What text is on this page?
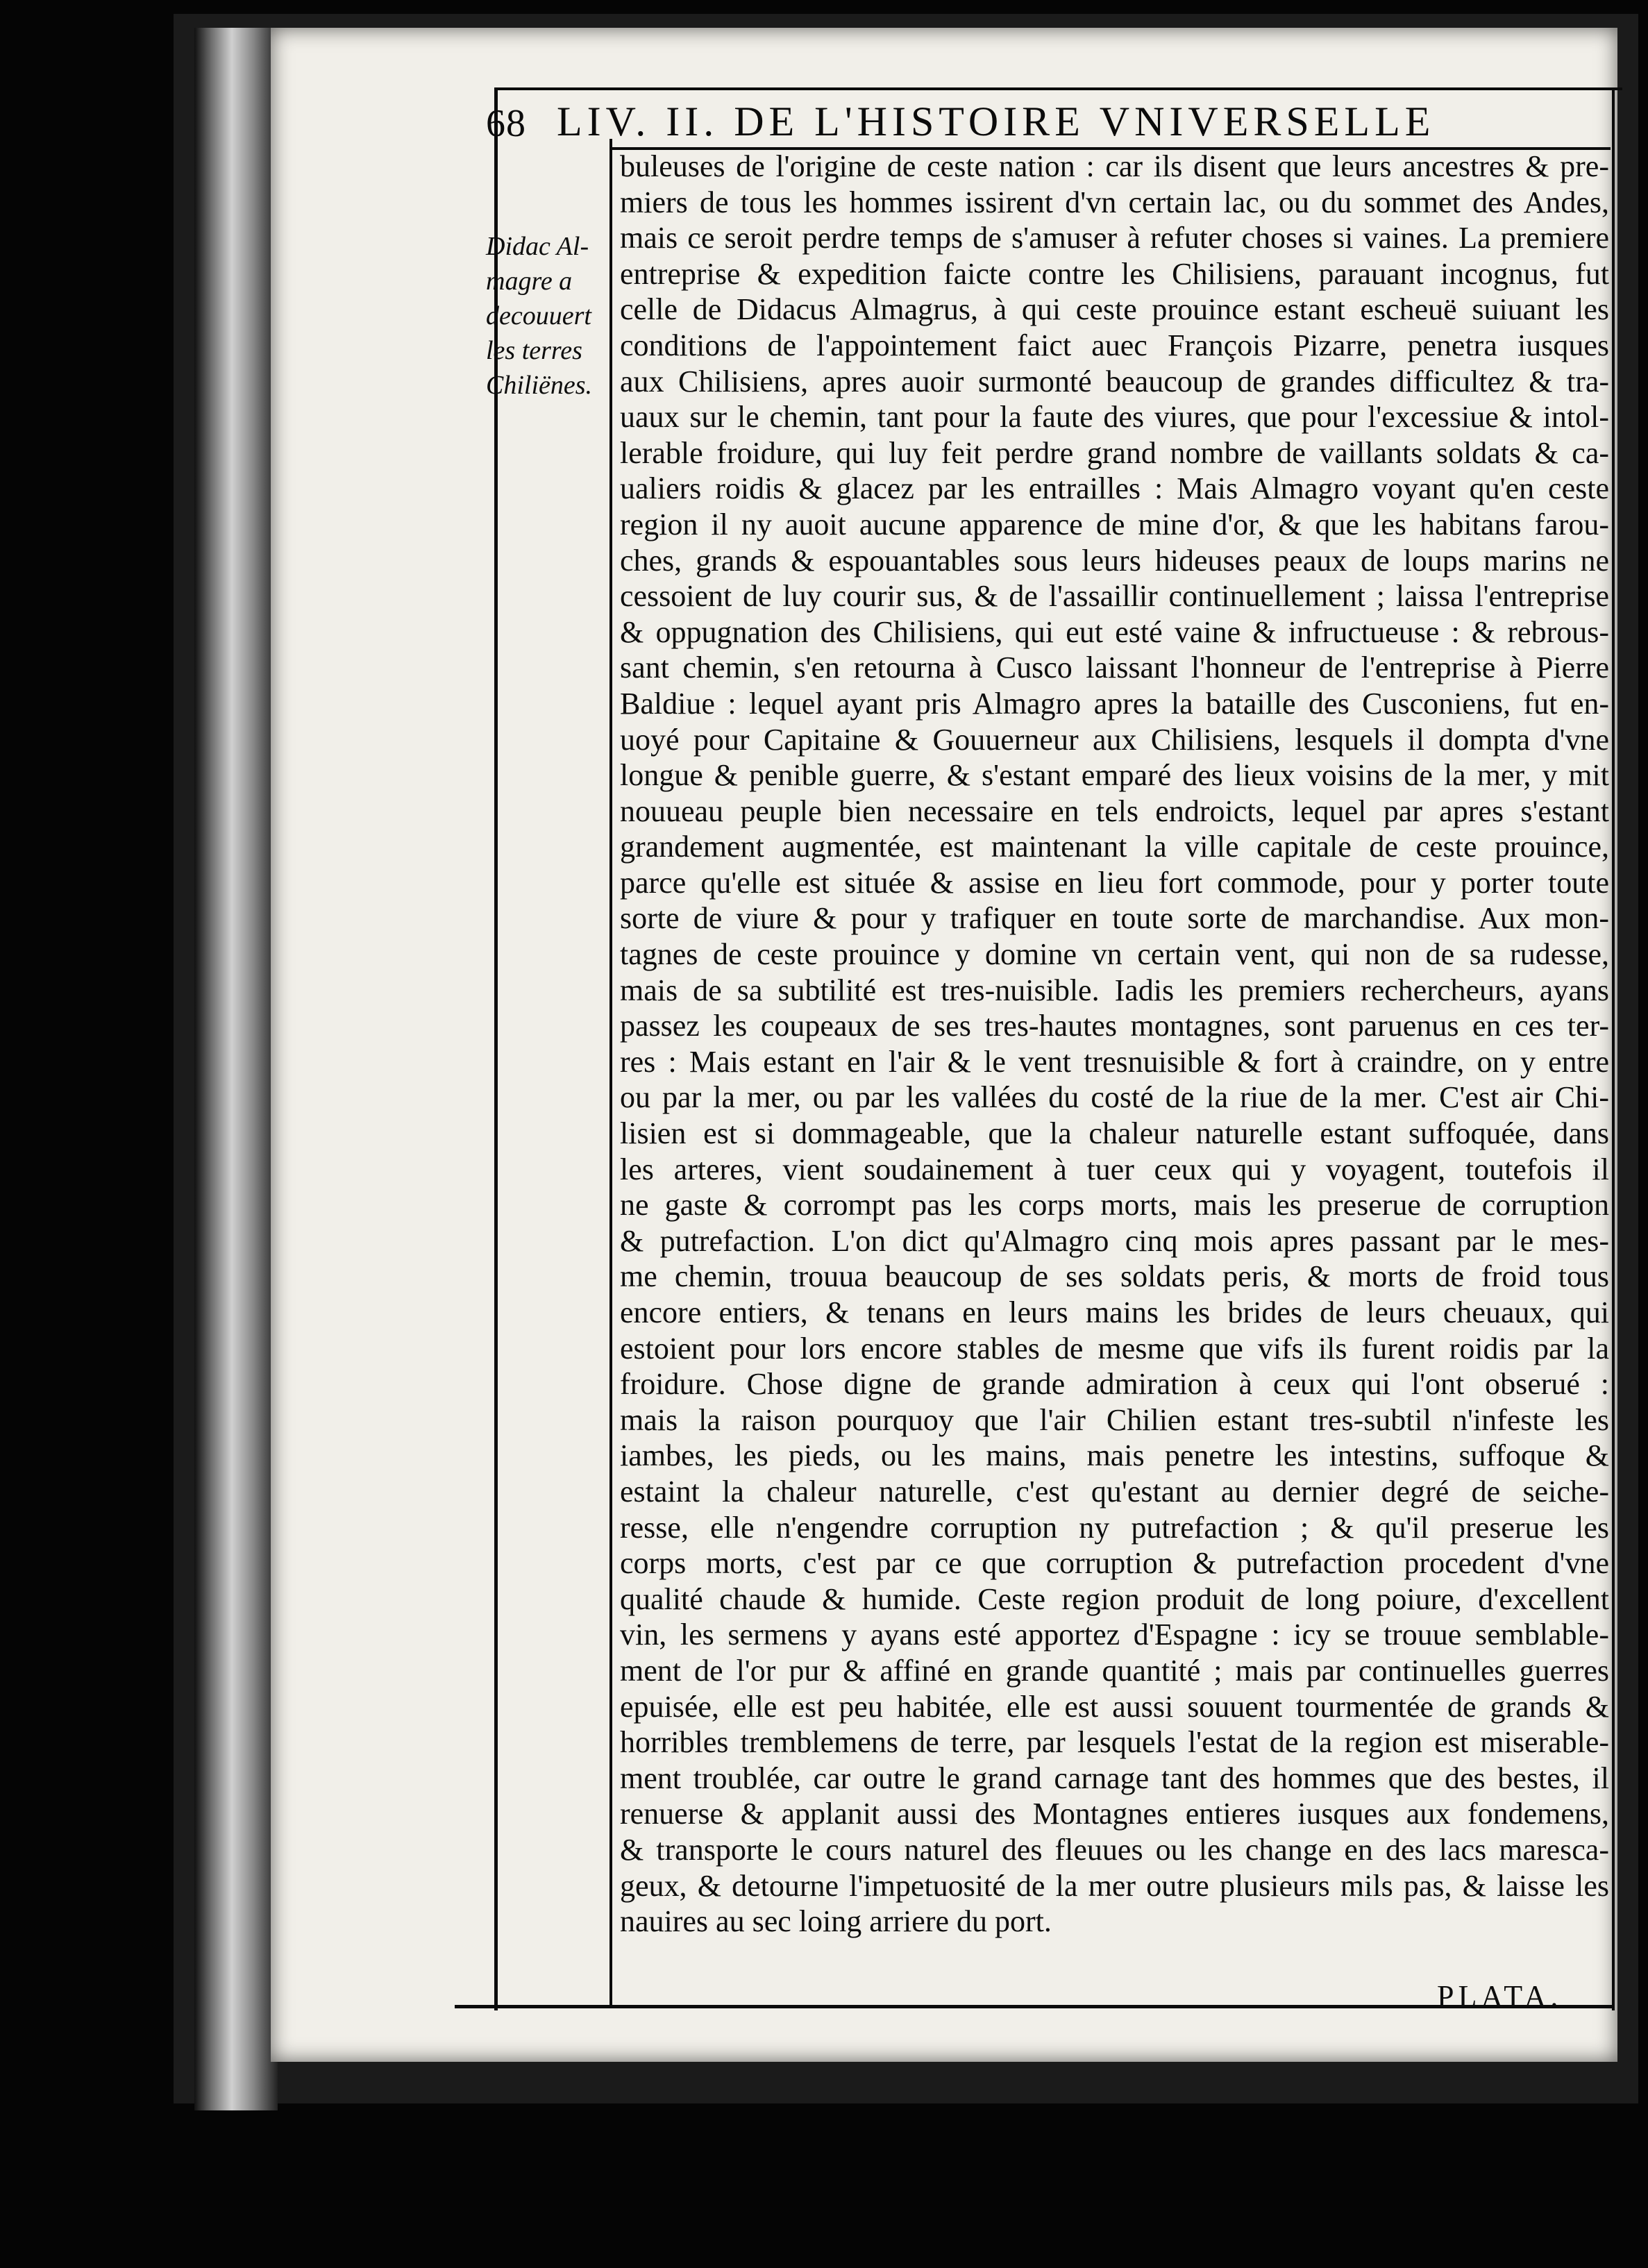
68 LIV. II. DE L'HISTOIRE VNIVERSELLE
Didac Al-
magre a
decouuert
les terres
Chiliënes.
buleuses de l'origine de ceste nation : car ils disent que leurs ancestres & pre-
miers de tous les hommes issirent d'vn certain lac, ou du sommet des Andes,
mais ce seroit perdre temps de s'amuser à refuter choses si vaines. La premiere
entreprise & expedition faicte contre les Chilisiens, parauant incognus, fut
celle de Didacus Almagrus, à qui ceste prouince estant escheuë suiuant les
conditions de l'appointement faict auec François Pizarre, penetra iusques
aux Chilisiens, apres auoir surmonté beaucoup de grandes difficultez & tra-
uaux sur le chemin, tant pour la faute des viures, que pour l'excessiue & intol-
lerable froidure, qui luy feit perdre grand nombre de vaillants soldats & ca-
ualiers roidis & glacez par les entrailles : Mais Almagro voyant qu'en ceste
region il ny auoit aucune apparence de mine d'or, & que les habitans farou-
ches, grands & espouantables sous leurs hideuses peaux de loups marins ne
cessoient de luy courir sus, & de l'assaillir continuellement ; laissa l'entreprise
& oppugnation des Chilisiens, qui eut esté vaine & infructueuse : & rebrous-
sant chemin, s'en retourna à Cusco laissant l'honneur de l'entreprise à Pierre
Baldiue : lequel ayant pris Almagro apres la bataille des Cusconiens, fut en-
uoyé pour Capitaine & Gouuerneur aux Chilisiens, lesquels il dompta d'vne
longue & penible guerre, & s'estant emparé des lieux voisins de la mer, y mit
nouueau peuple bien necessaire en tels endroicts, lequel par apres s'estant
grandement augmentée, est maintenant la ville capitale de ceste prouince,
parce qu'elle est située & assise en lieu fort commode, pour y porter toute
sorte de viure & pour y trafiquer en toute sorte de marchandise. Aux mon-
tagnes de ceste prouince y domine vn certain vent, qui non de sa rudesse,
mais de sa subtilité est tres-nuisible. Iadis les premiers rechercheurs, ayans
passez les coupeaux de ses tres-hautes montagnes, sont paruenus en ces ter-
res : Mais estant en l'air & le vent tresnuisible & fort à craindre, on y entre
ou par la mer, ou par les vallées du costé de la riue de la mer. C'est air Chi-
lisien est si dommageable, que la chaleur naturelle estant suffoquée, dans
les arteres, vient soudainement à tuer ceux qui y voyagent, toutefois il
ne gaste & corrompt pas les corps morts, mais les preserue de corruption
& putrefaction. L'on dict qu'Almagro cinq mois apres passant par le mes-
me chemin, trouua beaucoup de ses soldats peris, & morts de froid tous
encore entiers, & tenans en leurs mains les brides de leurs cheuaux, qui
estoient pour lors encore stables de mesme que vifs ils furent roidis par la
froidure. Chose digne de grande admiration à ceux qui l'ont obserué :
mais la raison pourquoy que l'air Chilien estant tres-subtil n'infeste les
iambes, les pieds, ou les mains, mais penetre les intestins, suffoque &
estaint la chaleur naturelle, c'est qu'estant au dernier degré de seiche-
resse, elle n'engendre corruption ny putrefaction ; & qu'il preserue les
corps morts, c'est par ce que corruption & putrefaction procedent d'vne
qualité chaude & humide. Ceste region produit de long poiure, d'excellent
vin, les sermens y ayans esté apportez d'Espagne : icy se trouue semblable-
ment de l'or pur & affiné en grande quantité ; mais par continuelles guerres
epuisée, elle est peu habitée, elle est aussi souuent tourmentée de grands &
horribles tremblemens de terre, par lesquels l'estat de la region est miserable-
ment troublée, car outre le grand carnage tant des hommes que des bestes, il
renuerse & applanit aussi des Montagnes entieres iusques aux fondemens,
& transporte le cours naturel des fleuues ou les change en des lacs maresca-
geux, & detourne l'impetuosité de la mer outre plusieurs mils pas, & laisse les
nauires au sec loing arriere du port.
PLATA.
